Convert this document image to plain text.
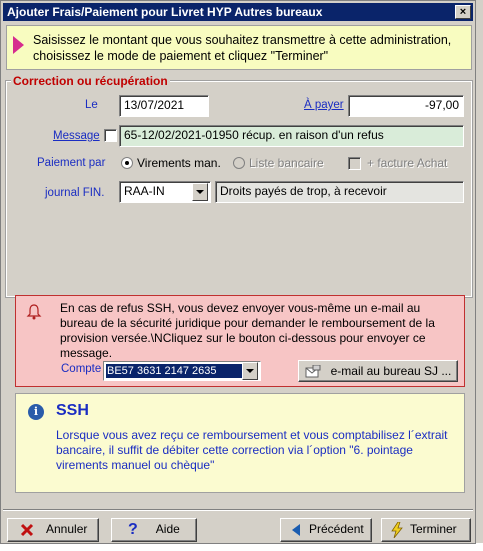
Ajouter Frais/Paiement pour Livret HYP Autres bureaux	×
Saisissez le montant que vous souhaitez transmettre à cette administration, choisissez le mode de paiement et cliquez "Terminer"
Correction ou récupération
Le	13/07/2021	À payer	-97,00
Message	65-12/02/2021-01950 récup. en raison d'un refus
Paiement par	Virements man. Liste bancaire	+ facture Achat
journal FIN.	RAA-IN	Droits payés de trop, à recevoir
En cas de refus SSH, vous devez envoyer vous-même un e-mail au bureau de la sécurité juridique pour demander le remboursement de la provision versée.\NCliquez sur le bouton ci-dessous pour envoyer ce message.
Compte BE57 3631 2147 2635	e-mail au bureau SJ ...
i	SSH
Lorsque vous avez reçu ce remboursement et vous comptabilisez l´extrait bancaire, il suffit de débiter cette correction via l´option "6. pointage virements manuel ou chèque"
Annuler	? Aide	Précédent	Terminer
